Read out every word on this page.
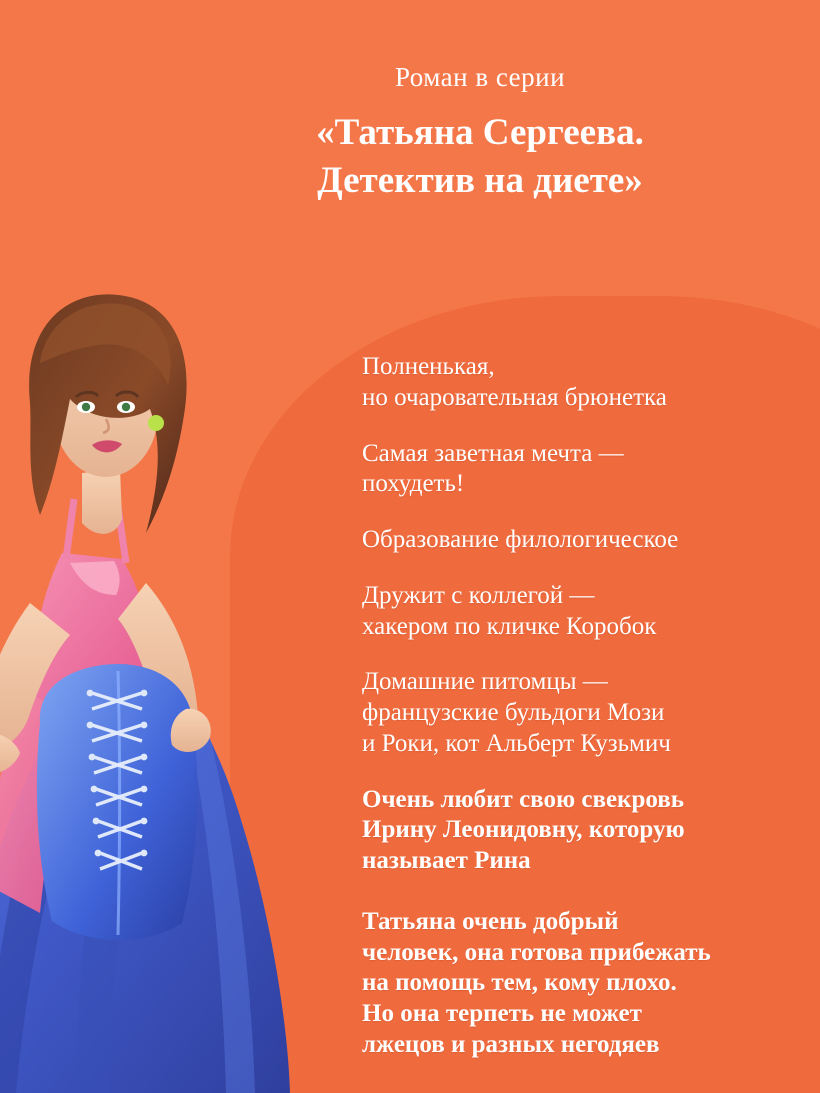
Роман в серии
«Татьяна Сергеева.
Детектив на диете»
Полненькая,
но очаровательная брюнетка
Самая заветная мечта —
похудеть!
Образование филологическое
Дружит с коллегой —
хакером по кличке Коробок
Домашние питомцы —
французские бульдоги Мози
и Роки, кот Альберт Кузьмич
Очень любит свою свекровь
Ирину Леонидовну, которую
называет Рина
Татьяна очень добрый
человек, она готова прибежать
на помощь тем, кому плохо.
Но она терпеть не может
лжецов и разных негодяев
